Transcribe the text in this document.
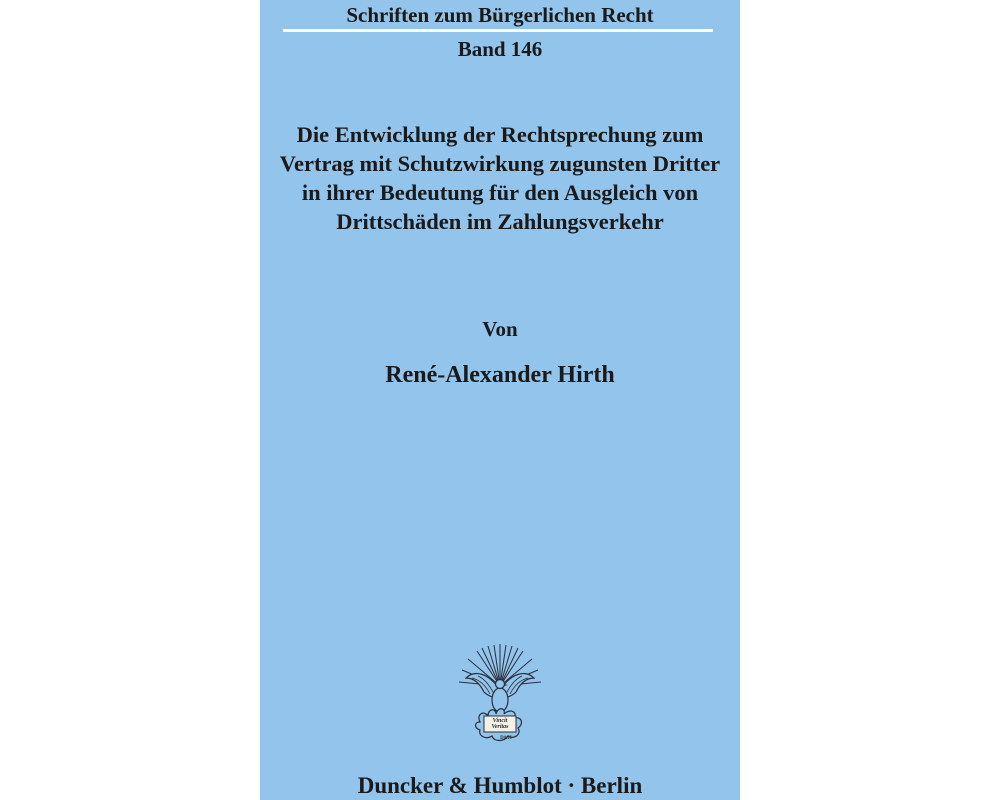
Schriften zum Bürgerlichen Recht
Band 146
Die Entwicklung der Rechtsprechung zum
Vertrag mit Schutzwirkung zugunsten Dritter
in ihrer Bedeutung für den Ausgleich von
Drittschäden im Zahlungsverkehr
Von
René-Alexander Hirth
Vincit
Veritas
D&H
Duncker & Humblot · Berlin
